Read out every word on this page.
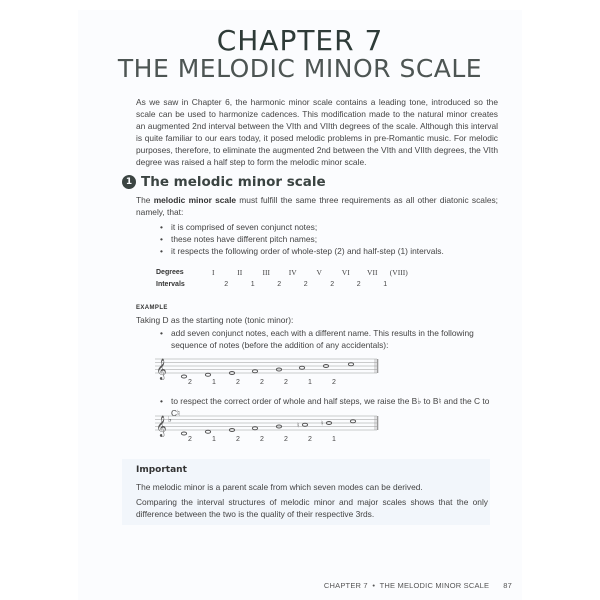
CHAPTER 7
THE MELODIC MINOR SCALE
As we saw in Chapter 6, the harmonic minor scale contains a leading tone, introduced so the scale can be used to harmonize cadences. This modification made to the natural minor creates an augmented 2nd interval between the VIth and VIIth degrees of the scale. Although this interval is quite familiar to our ears today, it posed melodic problems in pre-Romantic music. For melodic purposes, therefore, to eliminate the augmented 2nd between the VIth and VIIth degrees, the VIth degree was raised a half step to form the melodic minor scale.
1 The melodic minor scale
The melodic minor scale must fulfill the same three requirements as all other diatonic scales; namely, that:
• it is comprised of seven conjunct notes;
• these notes have different pitch names;
• it respects the following order of whole-step (2) and half-step (1) intervals.
Degrees	I	II	III	IV	V	VI	VII	(VIII)
Intervals	2	1	2	2	2	2	1
EXAMPLE
Taking D as the starting note (tonic minor):
• add seven conjunct notes, each with a different name. This results in the following sequence of notes (before the addition of any accidentals):
𝄞
2	1	2	2	2	1	2
• to respect the correct order of whole and half steps, we raise the B♭ to B♮ and the C to C♮
𝄞 ♭
♮	♮
2	1	2	2	2	2	1
Important
The melodic minor is a parent scale from which seven modes can be derived.
Comparing the interval structures of melodic minor and major scales shows that the only difference between the two is the quality of their respective 3rds.
CHAPTER 7  •  THE MELODIC MINOR SCALE 87
